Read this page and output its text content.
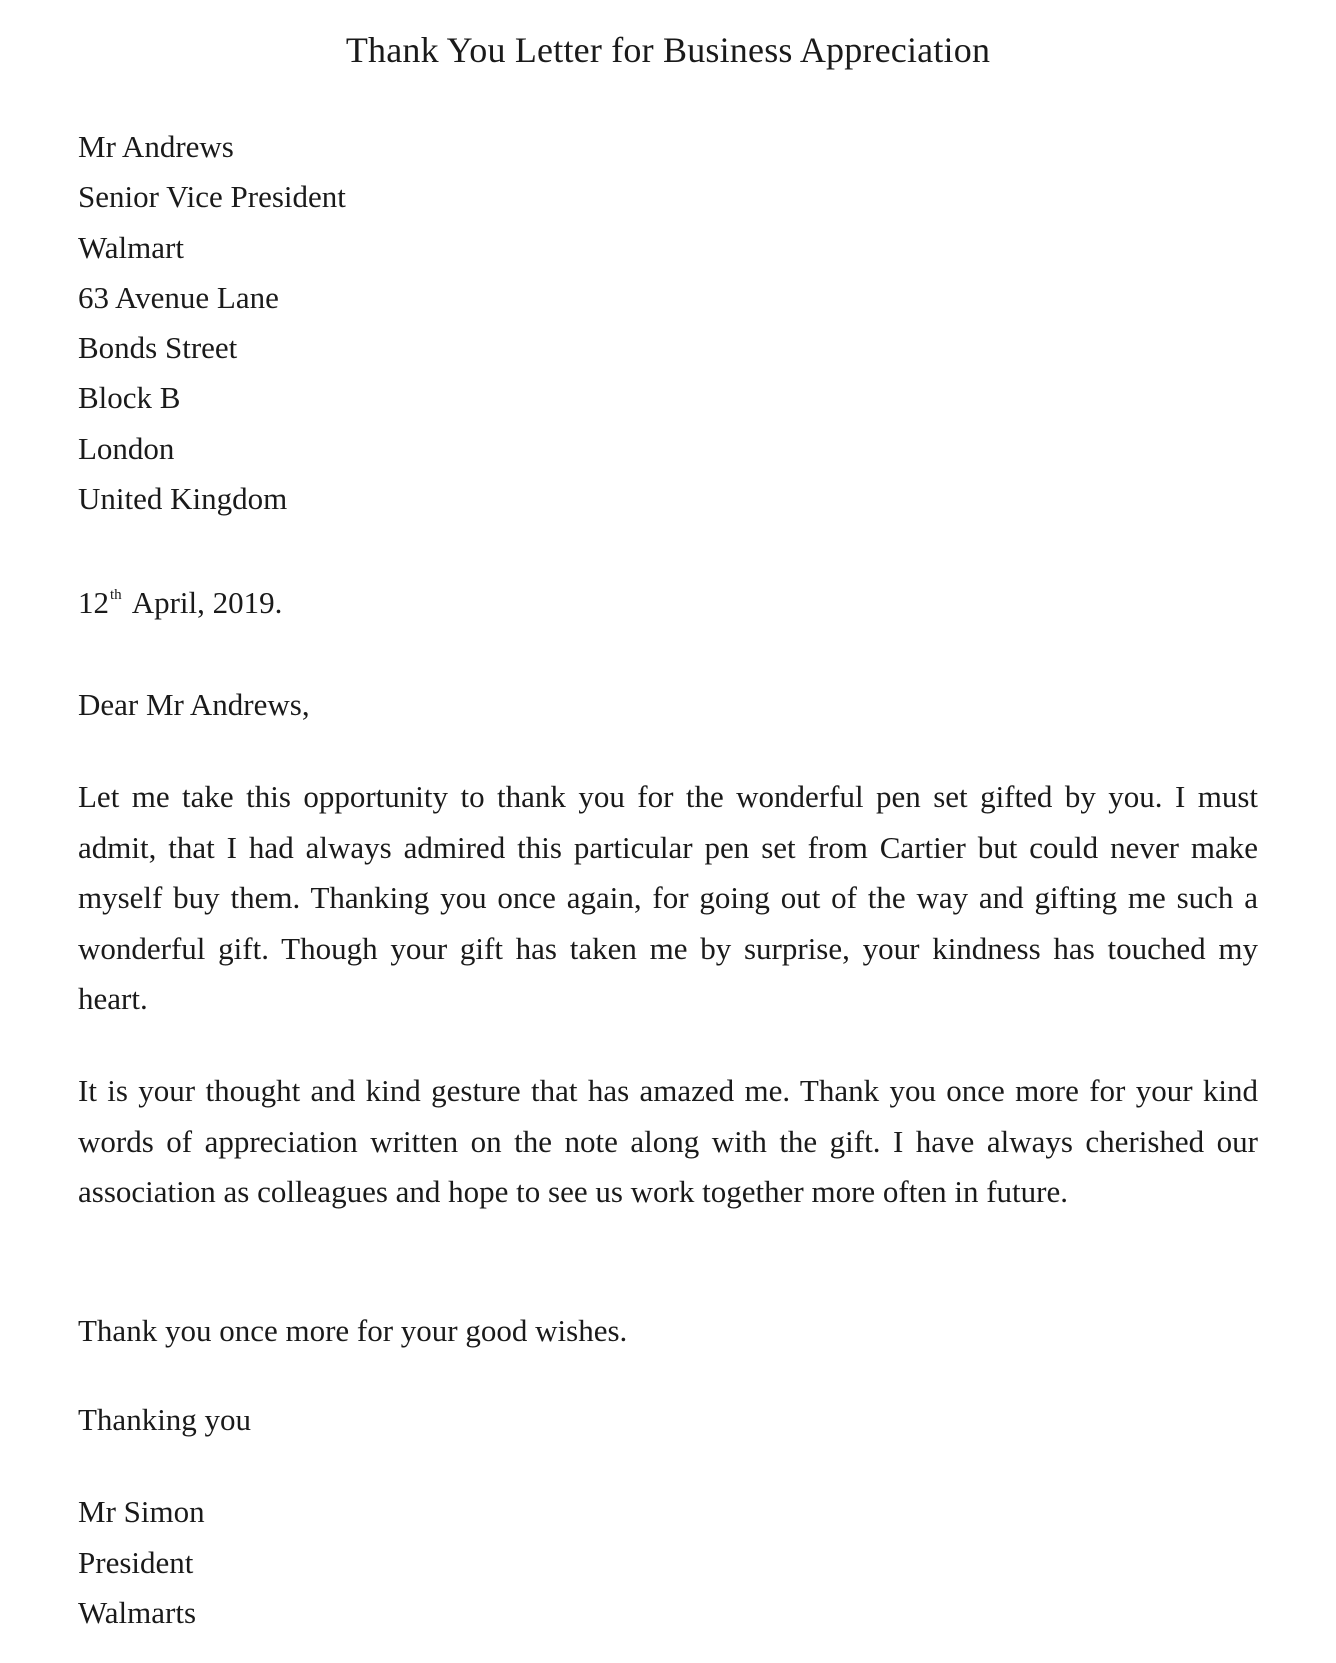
Thank You Letter for Business Appreciation
Mr Andrews
Senior Vice President
Walmart
63 Avenue Lane
Bonds Street
Block B
London
United Kingdom
12th April, 2019.
Dear Mr Andrews,
Let me take this opportunity to thank you for the wonderful pen set gifted by you. I must admit, that I had always admired this particular pen set from Cartier but could never make myself buy them. Thanking you once again, for going out of the way and gifting me such a wonderful gift. Though your gift has taken me by surprise, your kindness has touched my heart.
It is your thought and kind gesture that has amazed me. Thank you once more for your kind words of appreciation written on the note along with the gift. I have always cherished our association as colleagues and hope to see us work together more often in future.
Thank you once more for your good wishes.
Thanking you
Mr Simon
President
Walmarts
